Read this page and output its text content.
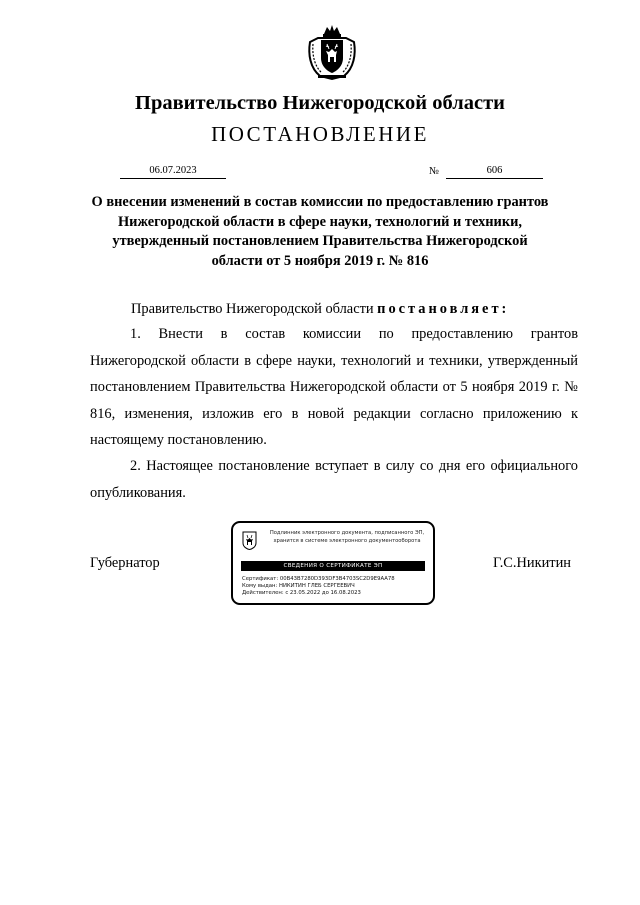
Правительство Нижегородской области
ПОСТАНОВЛЕНИЕ
06.07.2023	№	606
О внесении изменений в состав комиссии по предоставлению грантов Нижегородской области в сфере науки, технологий и техники, утвержденный постановлением Правительства Нижегородской области от 5 ноября 2019 г. № 816
Правительство Нижегородской области постановляет:
1. Внести в состав комиссии по предоставлению грантов Нижегородской области в сфере науки, технологий и техники, утвержденный постановлением Правительства Нижегородской области от 5 ноября 2019 г. № 816, изменения, изложив его в новой редакции согласно приложению к настоящему постановлению.
2. Настоящее постановление вступает в силу со дня его официального опубликования.
Губернатор	Г.С.Никитин
Подлинник электронного документа, подписанного ЭП, хранится в системе электронного документооборота
СВЕДЕНИЯ О СЕРТИФИКАТЕ ЭП
Сертификат: 00B43B7280D393DF3B4703SC2D9E9AA78
Кому выдан: НИКИТИН ГЛЕБ СЕРГЕЕВИЧ
Действителен: с 23.05.2022 до 16.08.2023
